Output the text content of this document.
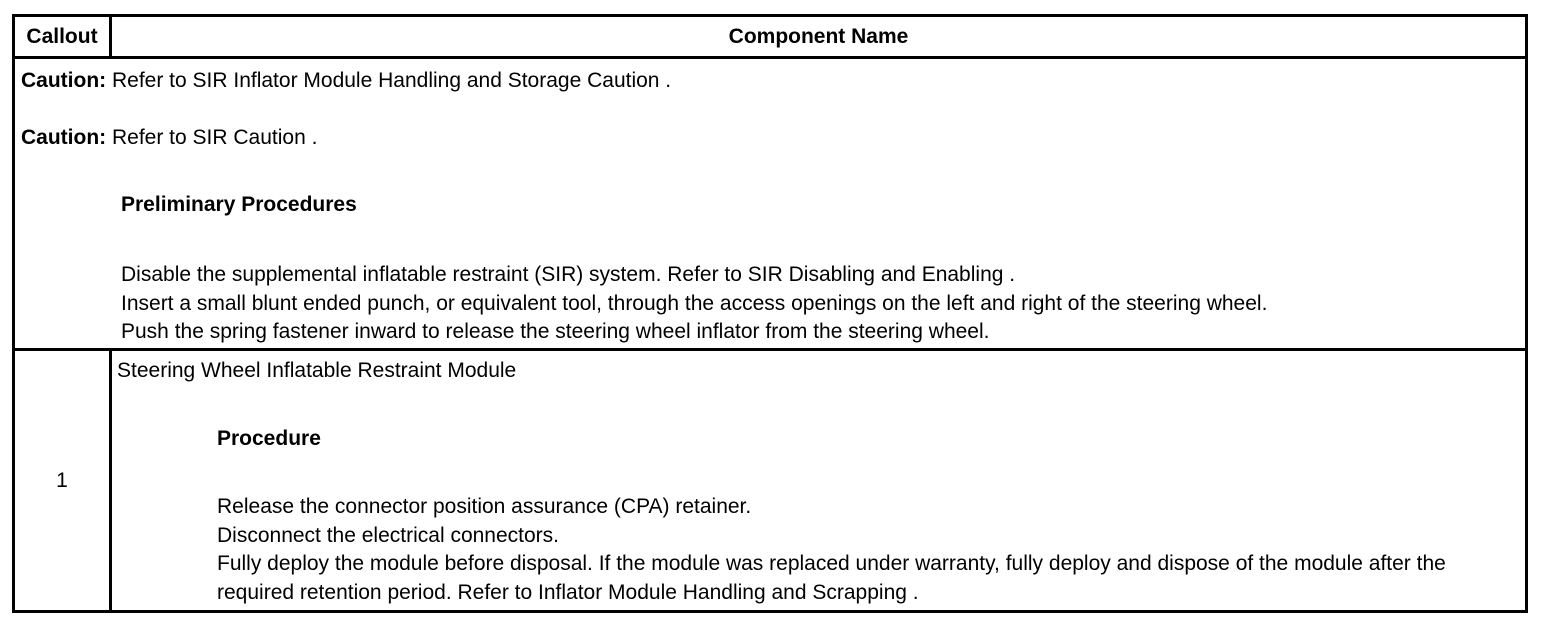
Callout	Component Name
Caution: Refer to SIR Inflator Module Handling and Storage Caution .
Caution: Refer to SIR Caution .
Preliminary Procedures
Disable the supplemental inflatable restraint (SIR) system. Refer to SIR Disabling and Enabling .
Insert a small blunt ended punch, or equivalent tool, through the access openings on the left and right of the steering wheel.
Push the spring fastener inward to release the steering wheel inflator from the steering wheel.
1
Steering Wheel Inflatable Restraint Module
Procedure
Release the connector position assurance (CPA) retainer.
Disconnect the electrical connectors.
Fully deploy the module before disposal. If the module was replaced under warranty, fully deploy and dispose of the module after the required retention period. Refer to Inflator Module Handling and Scrapping .
